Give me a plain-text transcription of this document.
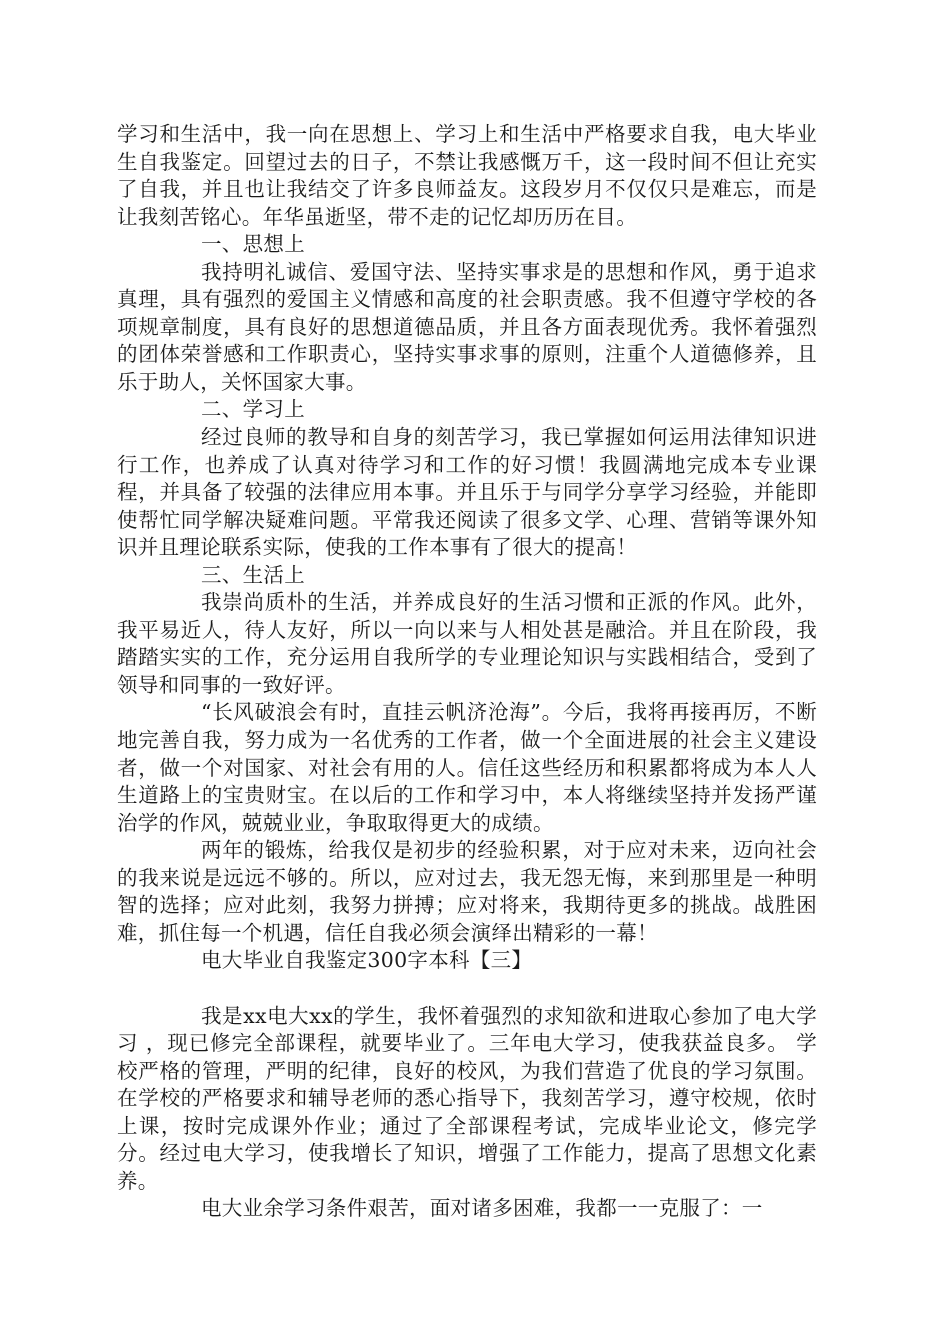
学习和生活中，我一向在思想上、学习上和生活中严格要求自我，电大毕业生自我鉴定。回望过去的日子，不禁让我感慨万千，这一段时间不但让充实了自我，并且也让我结交了许多良师益友。这段岁月不仅仅只是难忘，而是让我刻苦铭心。年华虽逝坚，带不走的记忆却历历在目。

一、思想上

我持明礼诚信、爱国守法、坚持实事求是的思想和作风，勇于追求真理，具有强烈的爱国主义情感和高度的社会职责感。我不但遵守学校的各项规章制度，具有良好的思想道德品质，并且各方面表现优秀。我怀着强烈的团体荣誉感和工作职责心，坚持实事求事的原则，注重个人道德修养，且乐于助人，关怀国家大事。

二、学习上

经过良师的教导和自身的刻苦学习，我已掌握如何运用法律知识进行工作，也养成了认真对待学习和工作的好习惯！我圆满地完成本专业课程，并具备了较强的法律应用本事。并且乐于与同学分享学习经验，并能即使帮忙同学解决疑难问题。平常我还阅读了很多文学、心理、营销等课外知识并且理论联系实际，使我的工作本事有了很大的提高！

三、生活上

我崇尚质朴的生活，并养成良好的生活习惯和正派的作风。此外，我平易近人，待人友好，所以一向以来与人相处甚是融洽。并且在阶段，我踏踏实实的工作，充分运用自我所学的专业理论知识与实践相结合，受到了领导和同事的一致好评。

“长风破浪会有时，直挂云帆济沧海”。今后，我将再接再厉，不断地完善自我，努力成为一名优秀的工作者，做一个全面进展的社会主义建设者，做一个对国家、对社会有用的人。信任这些经历和积累都将成为本人人生道路上的宝贵财宝。在以后的工作和学习中，本人将继续坚持并发扬严谨治学的作风，兢兢业业，争取取得更大的成绩。

两年的锻炼，给我仅是初步的经验积累，对于应对未来，迈向社会的我来说是远远不够的。所以，应对过去，我无怨无悔，来到那里是一种明智的选择；应对此刻，我努力拼搏；应对将来，我期待更多的挑战。战胜困难，抓住每一个机遇，信任自我必须会演绎出精彩的一幕！

电大毕业自我鉴定300字本科【三】

我是xx电大xx的学生，我怀着强烈的求知欲和进取心参加了电大学习 ，现已修完全部课程，就要毕业了。三年电大学习，使我获益良多。 学校严格的管理，严明的纪律，良好的校风，为我们营造了优良的学习氛围。在学校的严格要求和辅导老师的悉心指导下，我刻苦学习，遵守校规，依时上课，按时完成课外作业；通过了全部课程考试，完成毕业论文，修完学分。经过电大学习，使我增长了知识，增强了工作能力，提高了思想文化素养。

电大业余学习条件艰苦，面对诸多困难，我都一一克服了：一
